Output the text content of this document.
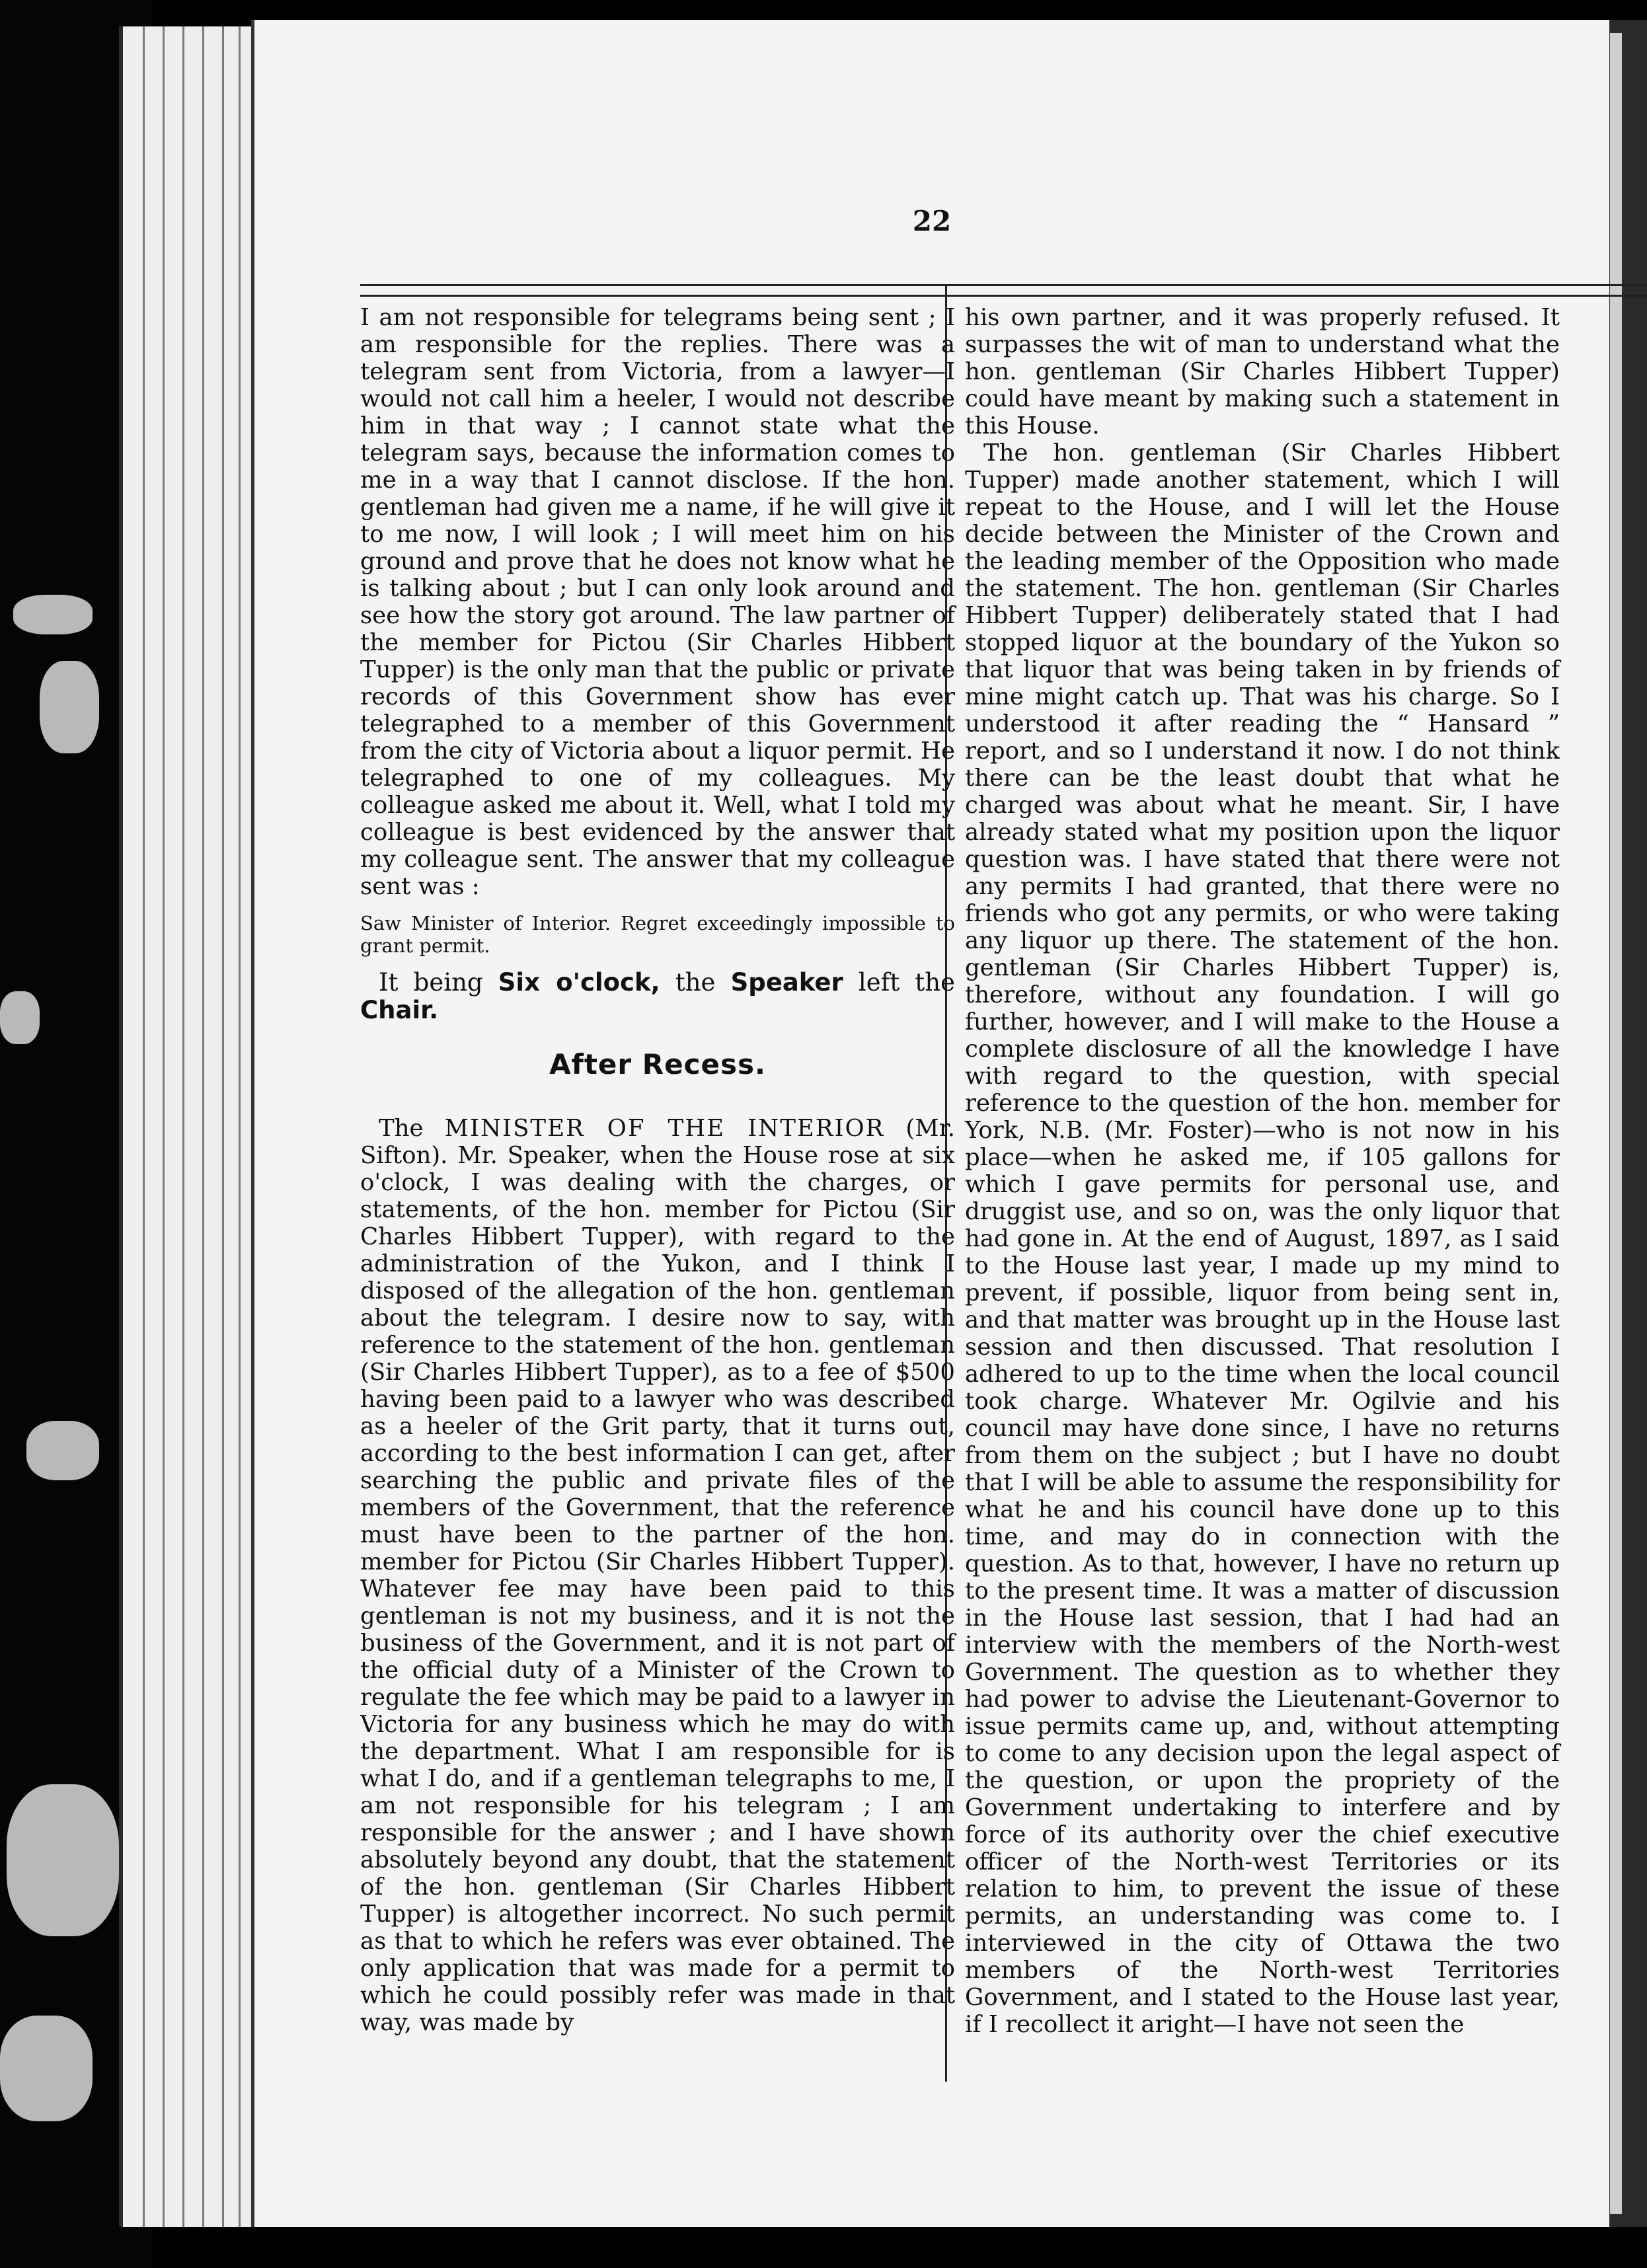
22

I am not responsible for telegrams being sent ; I am responsible for the replies. There was a telegram sent from Victoria, from a lawyer—I would not call him a heeler, I would not describe him in that way ; I cannot state what the telegram says, because the information comes to me in a way that I cannot disclose. If the hon. gentleman had given me a name, if he will give it to me now, I will look ; I will meet him on his ground and prove that he does not know what he is talking about ; but I can only look around and see how the story got around. The law partner of the member for Pictou (Sir Charles Hibbert Tupper) is the only man that the public or private records of this Government show has ever telegraphed to a member of this Government from the city of Victoria about a liquor permit. He telegraphed to one of my colleagues. My colleague asked me about it. Well, what I told my colleague is best evidenced by the answer that my colleague sent. The answer that my colleague sent was :

Saw Minister of Interior. Regret exceedingly impossible to grant permit.

It being Six o'clock, the Speaker left the Chair.

After Recess.

The MINISTER OF THE INTERIOR (Mr. Sifton). Mr. Speaker, when the House rose at six o'clock, I was dealing with the charges, or statements, of the hon. member for Pictou (Sir Charles Hibbert Tupper), with regard to the administration of the Yukon, and I think I disposed of the allegation of the hon. gentleman about the telegram. I desire now to say, with reference to the statement of the hon. gentleman (Sir Charles Hibbert Tupper), as to a fee of $500 having been paid to a lawyer who was described as a heeler of the Grit party, that it turns out, according to the best information I can get, after searching the public and private files of the members of the Government, that the reference must have been to the partner of the hon. member for Pictou (Sir Charles Hibbert Tupper). Whatever fee may have been paid to this gentleman is not my business, and it is not the business of the Government, and it is not part of the official duty of a Minister of the Crown to regulate the fee which may be paid to a lawyer in Victoria for any business which he may do with the department. What I am responsible for is what I do, and if a gentleman telegraphs to me, I am not responsible for his telegram ; I am responsible for the answer ; and I have shown absolutely beyond any doubt, that the statement of the hon. gentleman (Sir Charles Hibbert Tupper) is altogether incorrect. No such permit as that to which he refers was ever obtained. The only application that was made for a permit to which he could possibly refer was made in that way, was made by

his own partner, and it was properly refused. It surpasses the wit of man to understand what the hon. gentleman (Sir Charles Hibbert Tupper) could have meant by making such a statement in this House.

The hon. gentleman (Sir Charles Hibbert Tupper) made another statement, which I will repeat to the House, and I will let the House decide between the Minister of the Crown and the leading member of the Opposition who made the statement. The hon. gentleman (Sir Charles Hibbert Tupper) deliberately stated that I had stopped liquor at the boundary of the Yukon so that liquor that was being taken in by friends of mine might catch up. That was his charge. So I understood it after reading the “ Hansard ” report, and so I understand it now. I do not think there can be the least doubt that what he charged was about what he meant. Sir, I have already stated what my position upon the liquor question was. I have stated that there were not any permits I had granted, that there were no friends who got any permits, or who were taking any liquor up there. The statement of the hon. gentleman (Sir Charles Hibbert Tupper) is, therefore, without any foundation. I will go further, however, and I will make to the House a complete disclosure of all the knowledge I have with regard to the question, with special reference to the question of the hon. member for York, N.B. (Mr. Foster)—who is not now in his place—when he asked me, if 105 gallons for which I gave permits for personal use, and druggist use, and so on, was the only liquor that had gone in. At the end of August, 1897, as I said to the House last year, I made up my mind to prevent, if possible, liquor from being sent in, and that matter was brought up in the House last session and then discussed. That resolution I adhered to up to the time when the local council took charge. Whatever Mr. Ogilvie and his council may have done since, I have no returns from them on the subject ; but I have no doubt that I will be able to assume the responsibility for what he and his council have done up to this time, and may do in connection with the question. As to that, however, I have no return up to the present time. It was a matter of discussion in the House last session, that I had had an interview with the members of the North-west Government. The question as to whether they had power to advise the Lieutenant-Governor to issue permits came up, and, without attempting to come to any decision upon the legal aspect of the question, or upon the propriety of the Government undertaking to interfere and by force of its authority over the chief executive officer of the North-west Territories or its relation to him, to prevent the issue of these permits, an understanding was come to. I interviewed in the city of Ottawa the two members of the North-west Territories Government, and I stated to the House last year, if I recollect it aright—I have not seen the
